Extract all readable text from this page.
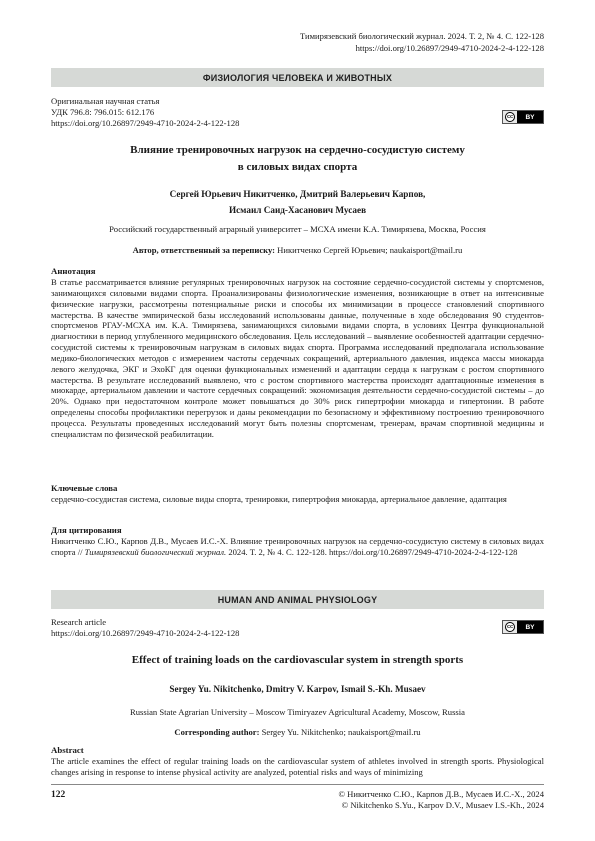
Тимирязевский биологический журнал. 2024. Т. 2, № 4. С. 122-128
https://doi.org/10.26897/2949-4710-2024-2-4-122-128
ФИЗИОЛОГИЯ ЧЕЛОВЕКА И ЖИВОТНЫХ
Оригинальная научная статья
УДК 796.8: 796.015: 612.176
https://doi.org/10.26897/2949-4710-2024-2-4-122-128
cc BY
Влияние тренировочных нагрузок на сердечно-сосудистую систему
в силовых видах спорта
Сергей Юрьевич Никитченко, Дмитрий Валерьевич Карпов,
Исмаил Саид-Хасанович Мусаев
Российский государственный аграрный университет – МСХА имени К.А. Тимирязева, Москва, Россия
Автор, ответственный за переписку: Никитченко Сергей Юрьевич; naukaisport@mail.ru
Аннотация
В статье рассматривается влияние регулярных тренировочных нагрузок на состояние сердечно-сосудистой системы у спортсменов, занимающихся силовыми видами спорта. Проанализированы физиологические изменения, возникающие в ответ на интенсивные физические нагрузки, рассмотрены потенциальные риски и способы их минимизации в процессе становлений спортивного мастерства. В качестве эмпирической базы исследований использованы данные, полученные в ходе обследования 90 студентов-спортсменов РГАУ-МСХА им. К.А. Тимирязева, занимающихся силовыми видами спорта, в условиях Центра функциональной диагностики в период углубленного медицинского обследования. Цель исследований – выявление особенностей адаптации сердечно-сосудистой системы к тренировочным нагрузкам в силовых видах спорта. Программа исследований предполагала использование медико-биологических методов с измерением частоты сердечных сокращений, артериального давления, индекса массы миокарда левого желудочка, ЭКГ и ЭхоКГ для оценки функциональных изменений и адаптации сердца к нагрузкам с ростом спортивного мастерства. В результате исследований выявлено, что с ростом спортивного мастерства происходят адаптационные изменения в миокарде, артериальном давлении и частоте сердечных сокращений: экономизация деятельности сердечно-сосудистой системы – до 20%. Однако при недостаточном контроле может повышаться до 30% риск гипертрофии миокарда и гипертонии. В работе определены способы профилактики перегрузок и даны рекомендации по безопасному и эффективному построению тренировочного процесса. Результаты проведенных исследований могут быть полезны спортсменам, тренерам, врачам спортивной медицины и специалистам по физической реабилитации.
Ключевые слова
сердечно-сосудистая система, силовые виды спорта, тренировки, гипертрофия миокарда, артериальное давление, адаптация
Для цитирования
Никитченко С.Ю., Карпов Д.В., Мусаев И.С.-Х. Влияние тренировочных нагрузок на сердечно-сосудистую систему в силовых видах спорта // Тимирязевский биологический журнал. 2024. Т. 2, № 4. С. 122-128. https://doi.org/10.26897/2949-4710-2024-2-4-122-128
HUMAN AND ANIMAL PHYSIOLOGY
Research article
https://doi.org/10.26897/2949-4710-2024-2-4-122-128
cc BY
Effect of training loads on the cardiovascular system in strength sports
Sergey Yu. Nikitchenko, Dmitry V. Karpov, Ismail S.-Kh. Musaev
Russian State Agrarian University – Moscow Timiryazev Agricultural Academy, Moscow, Russia
Corresponding author: Sergey Yu. Nikitchenko; naukaisport@mail.ru
Abstract
The article examines the effect of regular training loads on the cardiovascular system of athletes involved in strength sports. Physiological changes arising in response to intense physical activity are analyzed, potential risks and ways of minimizing
122	© Никитченко С.Ю., Карпов Д.В., Мусаев И.С.-Х., 2024
© Nikitchenko S.Yu., Karpov D.V., Musaev I.S.-Kh., 2024
